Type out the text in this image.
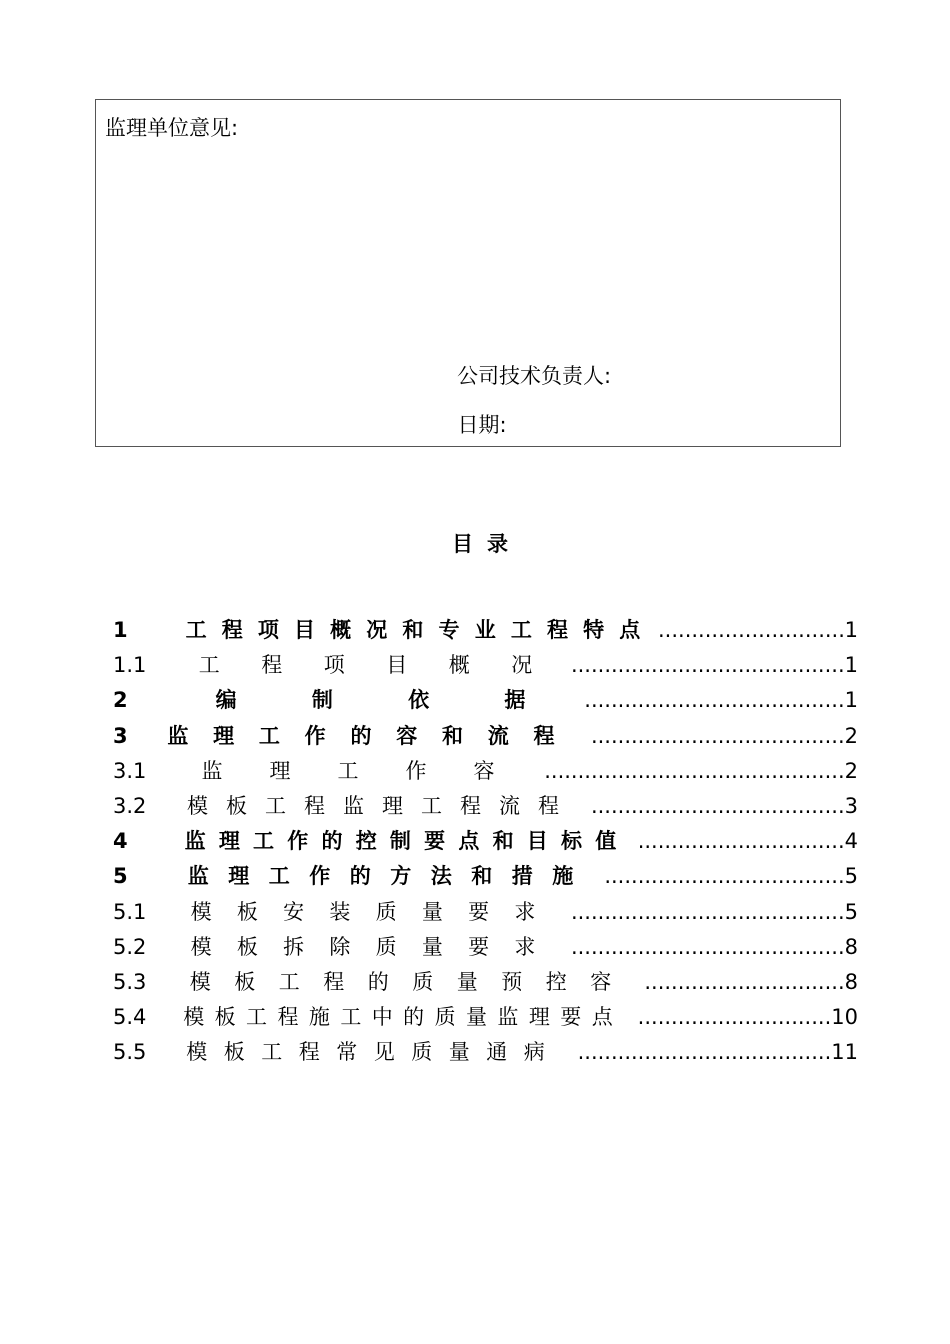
监理单位意见:
公司技术负责人:
日期:
目录
1	工 程 项 目 概 况 和 专 业 工 程 特 点 ............................ 1
1.1	工 程 项 目 概 况	......................................... 1
2	编	制	依	据	....................................... 1
3	监 理 工 作 的 容 和 流 程	...................................... 2
3.1	监 理 工 作 容	............................................. 2
3.2	模 板 工 程 监 理 工 程 流 程	...................................... 3
4	监 理 工 作 的 控 制 要 点 和 目 标 值 ............................... 4
5	监 理 工 作 的 方 法 和 措 施	.................................... 5
5.1	模 板 安 装 质 量 要 求	......................................... 5
5.2	模 板 拆 除 质 量 要 求	......................................... 8
5.3	模 板 工 程 的 质 量 预 控 容	.............................. 8
5.4	模 板 工 程 施 工 中 的 质 量 监 理 要 点	............................. 10
5.5	模 板 工 程 常 见 质 量 通 病	...................................... 11
